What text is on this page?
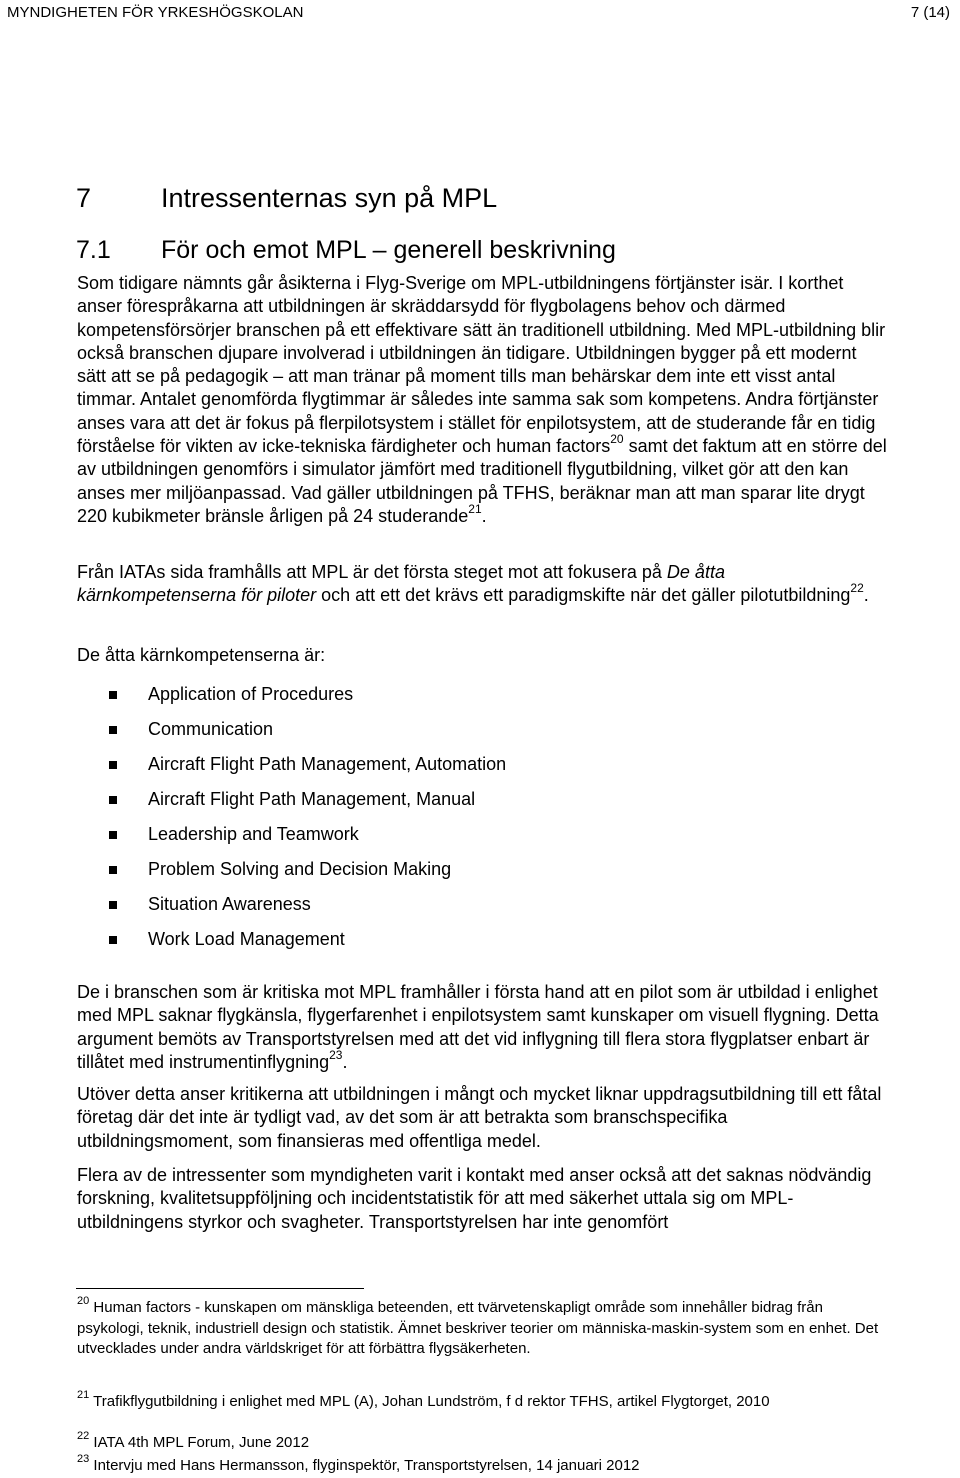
MYNDIGHETEN FÖR YRKESHÖGSKOLAN	7 (14)
7	Intressenternas syn på MPL
7.1	För och emot MPL – generell beskrivning

Som tidigare nämnts går åsikterna i Flyg-Sverige om MPL-utbildningens förtjänster isär. I korthet anser förespråkarna att utbildningen är skräddarsydd för flygbolagens behov och därmed kompetensförsörjer branschen på ett effektivare sätt än traditionell utbildning. Med MPL-utbildning blir också branschen djupare involverad i utbildningen än tidigare. Utbildningen bygger på ett modernt sätt att se på pedagogik – att man tränar på moment tills man behärskar dem inte ett visst antal timmar. Antalet genomförda flygtimmar är således inte samma sak som kompetens. Andra förtjänster anses vara att det är fokus på flerpilotsystem i stället för enpilotsystem, att de studerande får en tidig förståelse för vikten av icke-tekniska färdigheter och human factors$^{20}$ samt det faktum att en större del av utbildningen genomförs i simulator jämfört med traditionell flygutbildning, vilket gör att den kan anses mer miljöanpassad. Vad gäller utbildningen på TFHS, beräknar man att man sparar lite drygt 220 kubikmeter bränsle årligen på 24 studerande$^{21}$.

Från IATAs sida framhålls att MPL är det första steget mot att fokusera på De åtta kärnkompetenserna för piloter och att ett det krävs ett paradigmskifte när det gäller pilotutbildning$^{22}$.

De åtta kärnkompetenserna är:

Application of Procedures
Communication
Aircraft Flight Path Management, Automation
Aircraft Flight Path Management, Manual
Leadership and Teamwork
Problem Solving and Decision Making
Situation Awareness
Work Load Management

De i branschen som är kritiska mot MPL framhåller i första hand att en pilot som är utbildad i enlighet med MPL saknar flygkänsla, flygerfarenhet i enpilotsystem samt kunskaper om visuell flygning. Detta argument bemöts av Transportstyrelsen med att det vid inflygning till flera stora flygplatser enbart är tillåtet med instrumentinflygning$^{23}$.

Utöver detta anser kritikerna att utbildningen i mångt och mycket liknar uppdragsutbildning till ett fåtal företag där det inte är tydligt vad, av det som är att betrakta som branschspecifika utbildningsmoment, som finansieras med offentliga medel.

Flera av de intressenter som myndigheten varit i kontakt med anser också att det saknas nödvändig forskning, kvalitetsuppföljning och incidentstatistik för att med säkerhet uttala sig om MPL-utbildningens styrkor och svagheter. Transportstyrelsen har inte genomfört

$^{20}$ Human factors - kunskapen om mänskliga beteenden, ett tvärvetenskapligt område som innehåller bidrag från psykologi, teknik, industriell design och statistik. Ämnet beskriver teorier om människa-maskin-system som en enhet. Det utvecklades under andra världskriget för att förbättra flygsäkerheten.
$^{21}$ Trafikflygutbildning i enlighet med MPL (A), Johan Lundström, f d rektor TFHS, artikel Flygtorget, 2010
$^{22}$ IATA 4th MPL Forum, June 2012
$^{23}$ Intervju med Hans Hermansson, flyginspektör, Transportstyrelsen, 14 januari 2012
